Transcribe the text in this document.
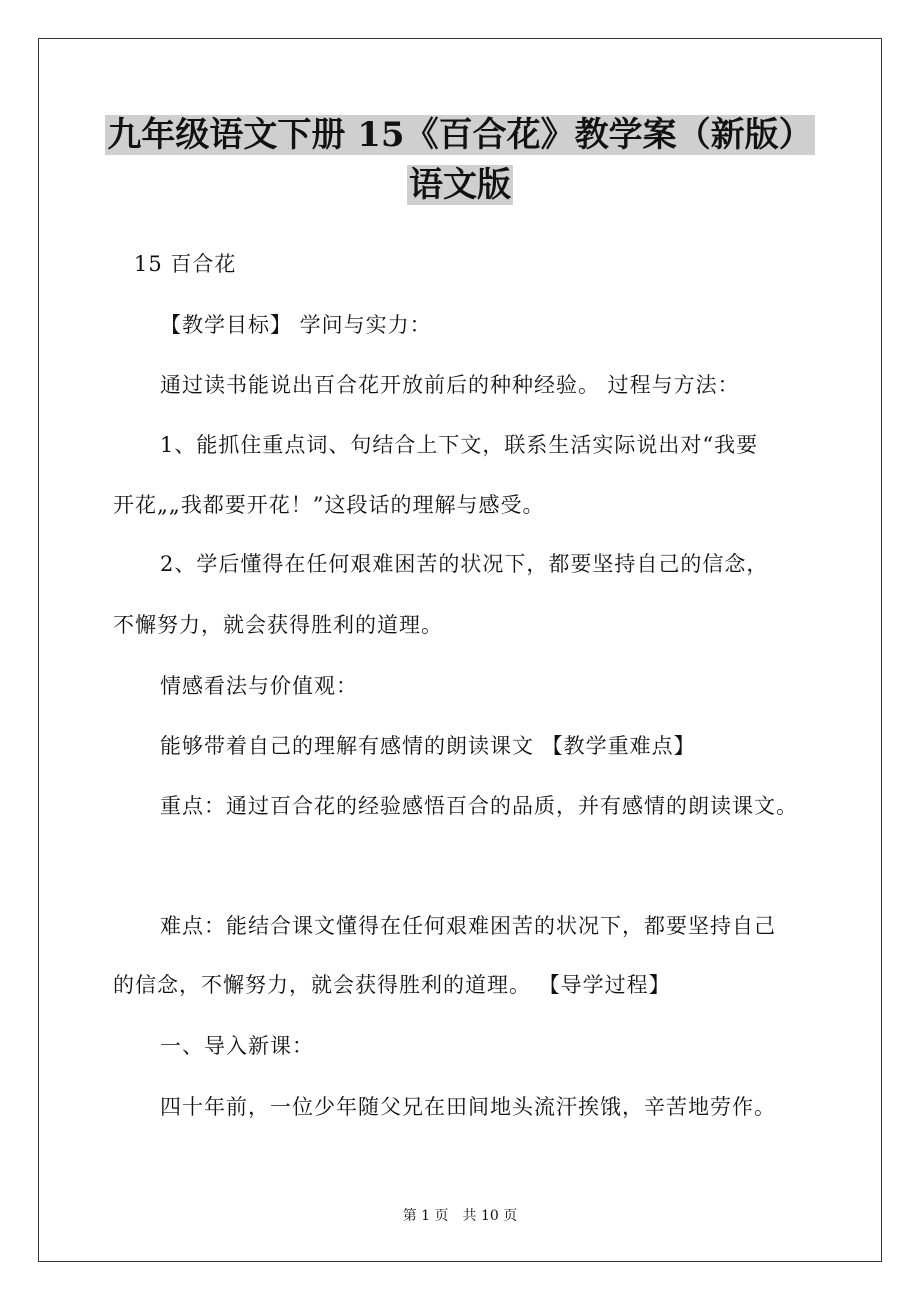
九年级语文下册 15《百合花》教学案（新版）
语文版
15 百合花
【教学目标】 学问与实力：
通过读书能说出百合花开放前后的种种经验。 过程与方法：
1、能抓住重点词、句结合上下文，联系生活实际说出对“我要
开花„„我都要开花！”这段话的理解与感受。
2、学后懂得在任何艰难困苦的状况下，都要坚持自己的信念，
不懈努力，就会获得胜利的道理。
情感看法与价值观：
能够带着自己的理解有感情的朗读课文 【教学重难点】
重点：通过百合花的经验感悟百合的品质，并有感情的朗读课文。
难点：能结合课文懂得在任何艰难困苦的状况下，都要坚持自己
的信念，不懈努力，就会获得胜利的道理。 【导学过程】
一、导入新课：
四十年前，一位少年随父兄在田间地头流汗挨饿，辛苦地劳作。
第 1 页　共 10 页
